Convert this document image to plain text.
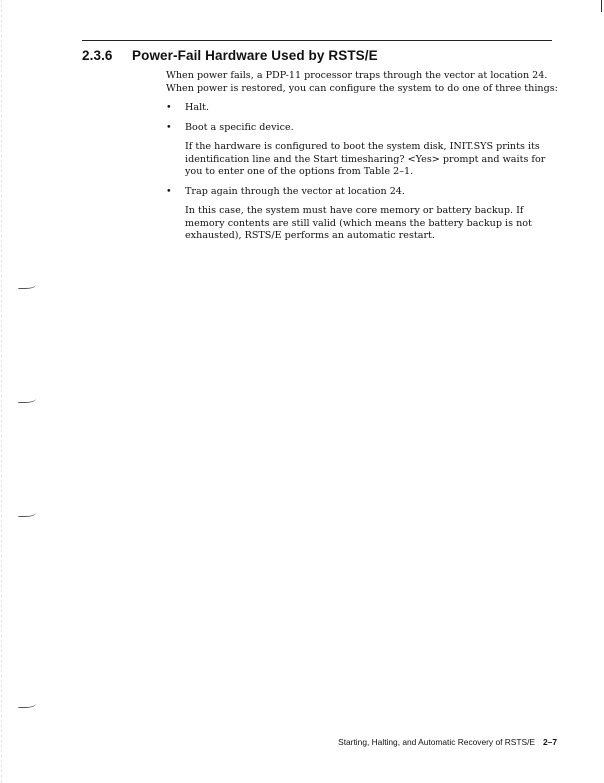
2.3.6 Power-Fail Hardware Used by RSTS/E

When power fails, a PDP-11 processor traps through the vector at location 24. When power is restored, you can configure the system to do one of three things:

• Halt.

• Boot a specific device.

If the hardware is configured to boot the system disk, INIT.SYS prints its identification line and the Start timesharing? <Yes> prompt and waits for you to enter one of the options from Table 2–1.

• Trap again through the vector at location 24.

In this case, the system must have core memory or battery backup. If memory contents are still valid (which means the battery backup is not exhausted), RSTS/E performs an automatic restart.

Starting, Halting, and Automatic Recovery of RSTS/E 2–7
